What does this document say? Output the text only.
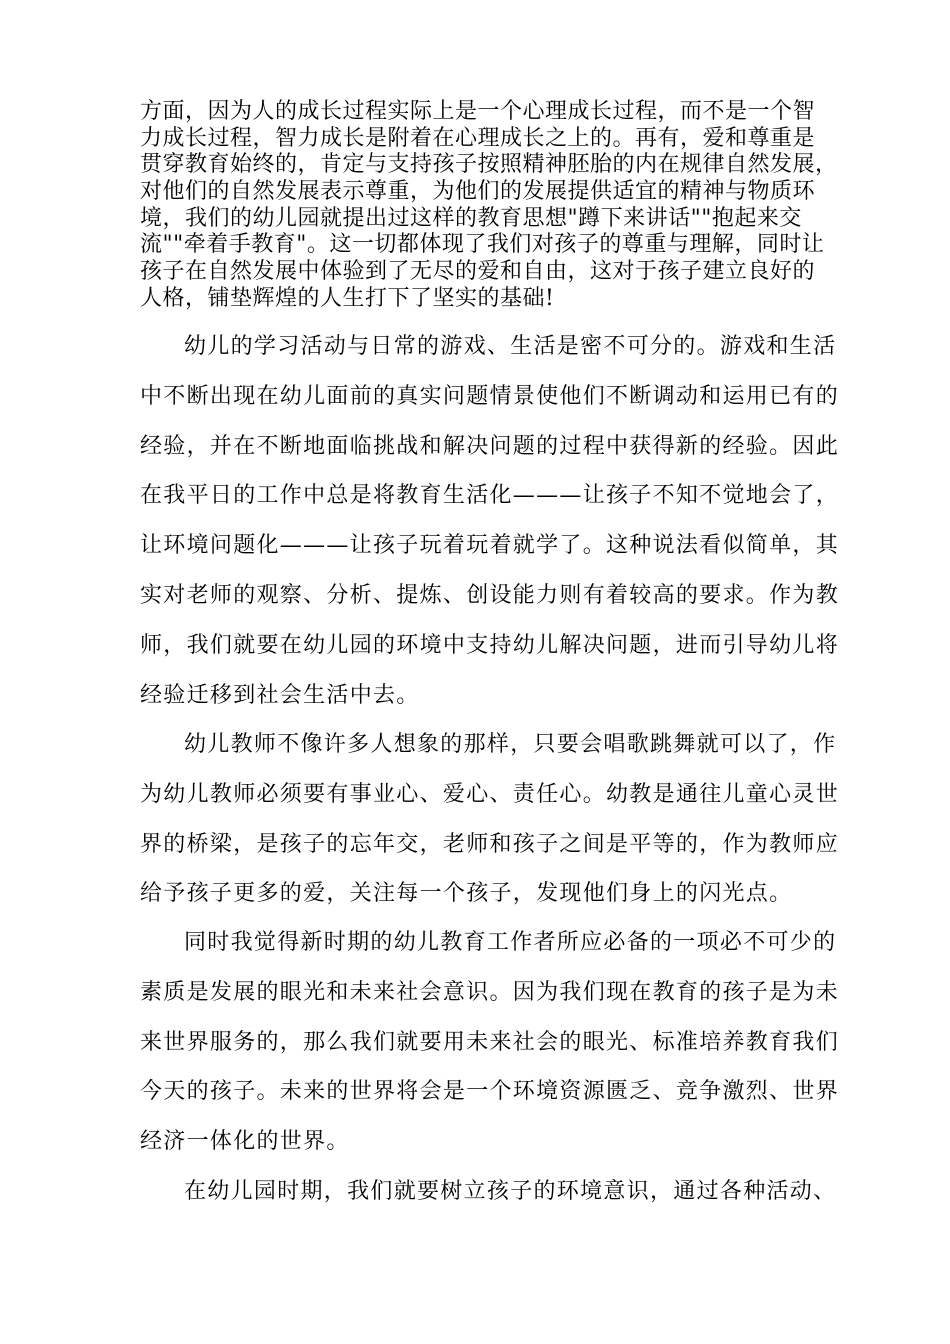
方面，因为人的成长过程实际上是一个心理成长过程，而不是一个智
力成长过程，智力成长是附着在心理成长之上的。再有，爱和尊重是
贯穿教育始终的，肯定与支持孩子按照精神胚胎的内在规律自然发展，
对他们的自然发展表示尊重，为他们的发展提供适宜的精神与物质环
境，我们的幼儿园就提出过这样的教育思想"蹲下来讲话""抱起来交
流""牵着手教育"。这一切都体现了我们对孩子的尊重与理解，同时让
孩子在自然发展中体验到了无尽的爱和自由，这对于孩子建立良好的
人格，铺垫辉煌的人生打下了坚实的基础!
幼儿的学习活动与日常的游戏、生活是密不可分的。游戏和生活
中不断出现在幼儿面前的真实问题情景使他们不断调动和运用已有的
经验，并在不断地面临挑战和解决问题的过程中获得新的经验。因此
在我平日的工作中总是将教育生活化———让孩子不知不觉地会了，
让环境问题化———让孩子玩着玩着就学了。这种说法看似简单，其
实对老师的观察、分析、提炼、创设能力则有着较高的要求。作为教
师，我们就要在幼儿园的环境中支持幼儿解决问题，进而引导幼儿将
经验迁移到社会生活中去。
幼儿教师不像许多人想象的那样，只要会唱歌跳舞就可以了，作
为幼儿教师必须要有事业心、爱心、责任心。幼教是通往儿童心灵世
界的桥梁，是孩子的忘年交，老师和孩子之间是平等的，作为教师应
给予孩子更多的爱，关注每一个孩子，发现他们身上的闪光点。
同时我觉得新时期的幼儿教育工作者所应必备的一项必不可少的
素质是发展的眼光和未来社会意识。因为我们现在教育的孩子是为未
来世界服务的，那么我们就要用未来社会的眼光、标准培养教育我们
今天的孩子。未来的世界将会是一个环境资源匮乏、竞争激烈、世界
经济一体化的世界。
在幼儿园时期，我们就要树立孩子的环境意识，通过各种活动、
